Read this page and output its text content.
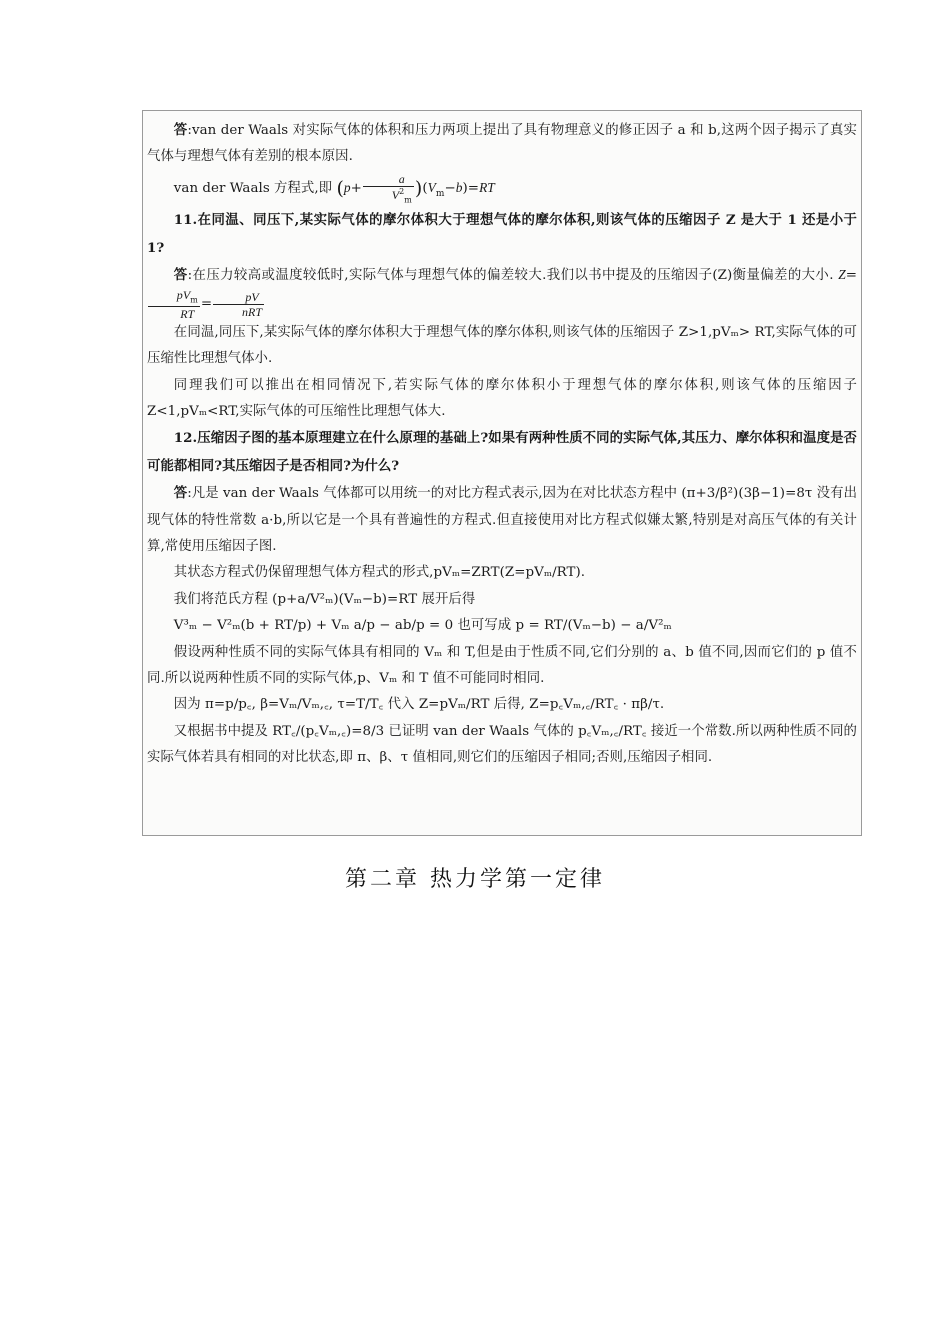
答:van der Waals 对实际气体的体积和压力两项上提出了具有物理意义的修正因子 a 和 b,这两个因子揭示了真实气体与理想气体有差别的根本原因.

van der Waals 方程式,即 $(p+ \frac{a}{V^2_m} )(V_m-b)=RT$

11.在同温、同压下,某实际气体的摩尔体积大于理想气体的摩尔体积,则该气体的压缩因子 Z 是大于 1 还是小于 1?

答:在压力较高或温度较低时,实际气体与理想气体的偏差较大.我们以书中提及的压缩因子(Z)衡量偏差的大小. Z=
$\frac{pV_m}{RT} = \frac{pV}{\text{nRT}}$

在同温,同压下,某实际气体的摩尔体积大于理想气体的摩尔体积,则该气体的压缩因子 Z>1,pVₘ> RT,实际气体的可压缩性比理想气体小.

同理我们可以推出在相同情况下,若实际气体的摩尔体积小于理想气体的摩尔体积,则该气体的压缩因子 Z<1,pVₘ<RT,实际气体的可压缩性比理想气体大.

12.压缩因子图的基本原理建立在什么原理的基础上?如果有两种性质不同的实际气体,其压力、摩尔体积和温度是否可能都相同?其压缩因子是否相同?为什么?

答:凡是 van der Waals 气体都可以用统一的对比方程式表示,因为在对比状态方程中 (π+3/β²)(3β−1)=8τ 没有出现气体的特性常数 a·b,所以它是一个具有普遍性的方程式.但直接使用对比方程式似嫌太繁,特别是对高压气体的有关计算,常使用压缩因子图.

其状态方程式仍保留理想气体方程式的形式,pVₘ=ZRT(Z=pVₘ/RT).

我们将范氏方程 (p+a/V²ₘ)(Vₘ−b)=RT 展开后得

V³ₘ − V²ₘ(b + RT/p) + Vₘ a/p − ab/p = 0 也可写成 p = RT/(Vₘ−b) − a/V²ₘ

假设两种性质不同的实际气体具有相同的 Vₘ 和 T,但是由于性质不同,它们分别的 a、b 值不同,因而它们的 p 值不同.所以说两种性质不同的实际气体,p、Vₘ 和 T 值不可能同时相同.

因为 π=p/p꜀, β=Vₘ/Vₘ,꜀, τ=T/T꜀ 代入 Z=pVₘ/RT 后得, Z=p꜀Vₘ,꜀/RT꜀ · πβ/τ.

又根据书中提及 RT꜀/(p꜀Vₘ,꜀)=8/3 已证明 van der Waals 气体的 p꜀Vₘ,꜀/RT꜀ 接近一个常数.所以两种性质不同的实际气体若具有相同的对比状态,即 π、β、τ 值相同,则它们的压缩因子相同;否则,压缩因子相同.

第二章 热力学第一定律
